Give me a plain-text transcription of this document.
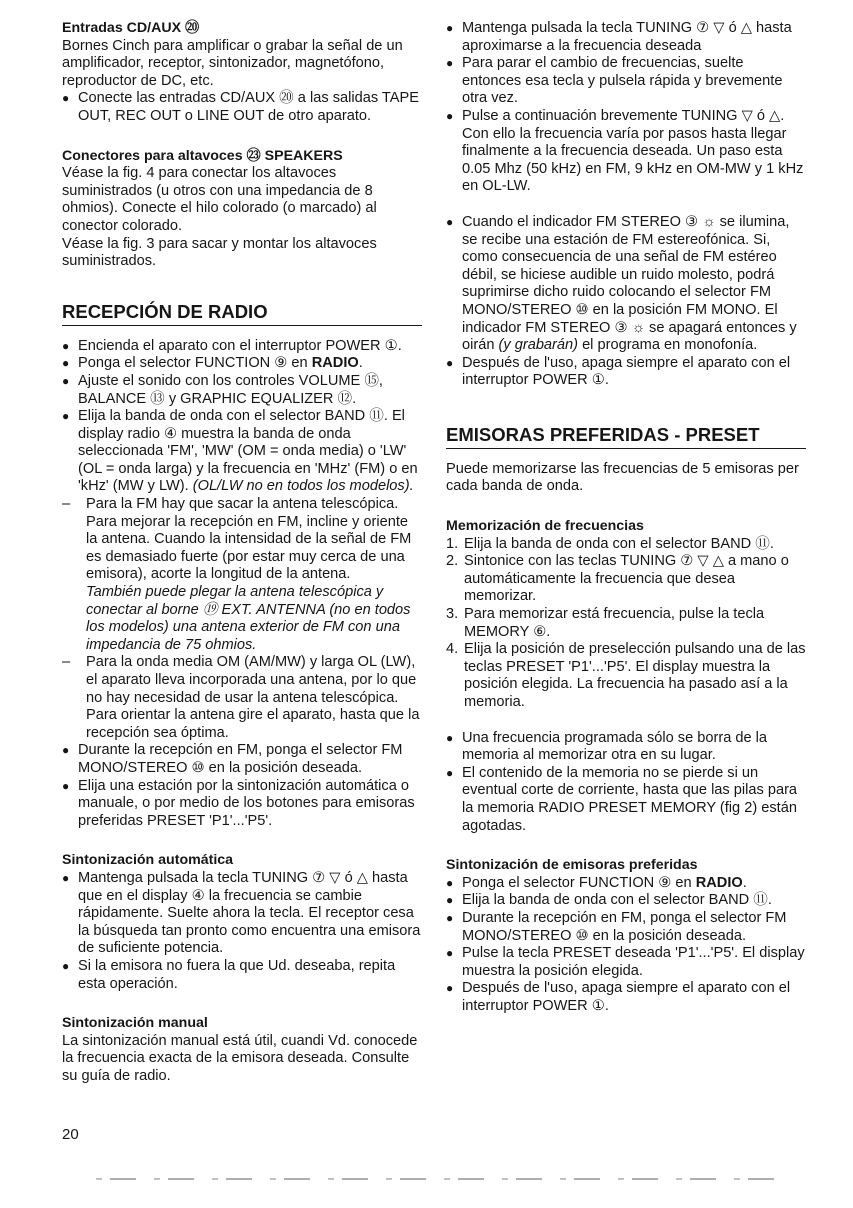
Entradas CD/AUX ⑳

Bornes Cinch para amplificar o grabar la señal de un amplificador, receptor, sintonizador, magnetófono, reproductor de DC, etc.

● Conecte las entradas CD/AUX ⑳ a las salidas TAPE OUT, REC OUT o LINE OUT de otro aparato.

Conectores para altavoces ㉓ SPEAKERS

Véase la fig. 4 para conectar los altavoces suministrados (u otros con una impedancia de 8 ohmios). Conecte el hilo colorado (o marcado) al conector colorado.

Véase la fig. 3 para sacar y montar los altavoces suministrados.

RECEPCIÓN DE RADIO

● Encienda el aparato con el interruptor POWER ①.

● Ponga el selector FUNCTION ⑨ en RADIO.

● Ajuste el sonido con los controles VOLUME ⑮, BALANCE ⑬ y GRAPHIC EQUALIZER ⑫.

● Elija la banda de onda con el selector BAND ⑪. El display radio ④ muestra la banda de onda seleccionada 'FM', 'MW' (OM = onda media) o 'LW' (OL = onda larga) y la frecuencia en 'MHz' (FM) o en 'kHz' (MW y LW). (OL/LW no en todos los modelos).

– Para la FM hay que sacar la antena telescópica. Para mejorar la recepción en FM, incline y oriente la antena. Cuando la intensidad de la señal de FM es demasiado fuerte (por estar muy cerca de una emisora), acorte la longitud de la antena.

También puede plegar la antena telescópica y conectar al borne ⑲ EXT. ANTENNA (no en todos los modelos) una antena exterior de FM con una impedancia de 75 ohmios.

– Para la onda media OM (AM/MW) y larga OL (LW), el aparato lleva incorporada una antena, por lo que no hay necesidad de usar la antena telescópica. Para orientar la antena gire el aparato, hasta que la recepción sea óptima.

● Durante la recepción en FM, ponga el selector FM MONO/STEREO ⑩ en la posición deseada.

● Elija una estación por la sintonización automática o manuale, o por medio de los botones para emisoras preferidas PRESET 'P1'...'P5'.

Sintonización automática

● Mantenga pulsada la tecla TUNING ⑦ ▽ ó △ hasta que en el display ④ la frecuencia se cambie rápidamente. Suelte ahora la tecla. El receptor cesa la búsqueda tan pronto como encuentra una emisora de suficiente potencia.

● Si la emisora no fuera la que Ud. deseaba, repita esta operación.

Sintonización manual

La sintonización manual está útil, cuandi Vd. conocede la frecuencia exacta de la emisora deseada. Consulte su guía de radio.

● Mantenga pulsada la tecla TUNING ⑦ ▽ ó △ hasta aproximarse a la frecuencia deseada

● Para parar el cambio de frecuencias, suelte entonces esa tecla y pulsela rápida y brevemente otra vez.

● Pulse a continuación brevemente TUNING ▽ ó △. Con ello la frecuencia varía por pasos hasta llegar finalmente a la frecuencia deseada. Un paso esta 0.05 Mhz (50 kHz) en FM, 9 kHz en OM-MW y 1 kHz en OL-LW.

● Cuando el indicador FM STEREO ③ ☼ se ilumina, se recibe una estación de FM estereofónica. Si, como consecuencia de una señal de FM estéreo débil, se hiciese audible un ruido molesto, podrá suprimirse dicho ruido colocando el selector FM MONO/STEREO ⑩ en la posición FM MONO. El indicador FM STEREO ③ ☼ se apagará entonces y oirán (y grabarán) el programa en monofonía.

● Después de l'uso, apaga siempre el aparato con el interruptor POWER ①.

EMISORAS PREFERIDAS - PRESET

Puede memorizarse las frecuencias de 5 emisoras per cada banda de onda.

Memorización de frecuencias

1. Elija la banda de onda con el selector BAND ⑪.

2. Sintonice con las teclas TUNING ⑦ ▽ △ a mano o automáticamente la frecuencia que desea memorizar.

3. Para memorizar está frecuencia, pulse la tecla MEMORY ⑥.

4. Elija la posición de preselección pulsando una de las teclas PRESET 'P1'...'P5'. El display muestra la posición elegida. La frecuencia ha pasado así a la memoria.

● Una frecuencia programada sólo se borra de la memoria al memorizar otra en su lugar.

● El contenido de la memoria no se pierde si un eventual corte de corriente, hasta que las pilas para la memoria RADIO PRESET MEMORY (fig 2) están agotadas.

Sintonización de emisoras preferidas

● Ponga el selector FUNCTION ⑨ en RADIO.

● Elija la banda de onda con el selector BAND ⑪.

● Durante la recepción en FM, ponga el selector FM MONO/STEREO ⑩ en la posición deseada.

● Pulse la tecla PRESET deseada 'P1'...'P5'. El display muestra la posición elegida.

● Después de l'uso, apaga siempre el aparato con el interruptor POWER ①.

20
